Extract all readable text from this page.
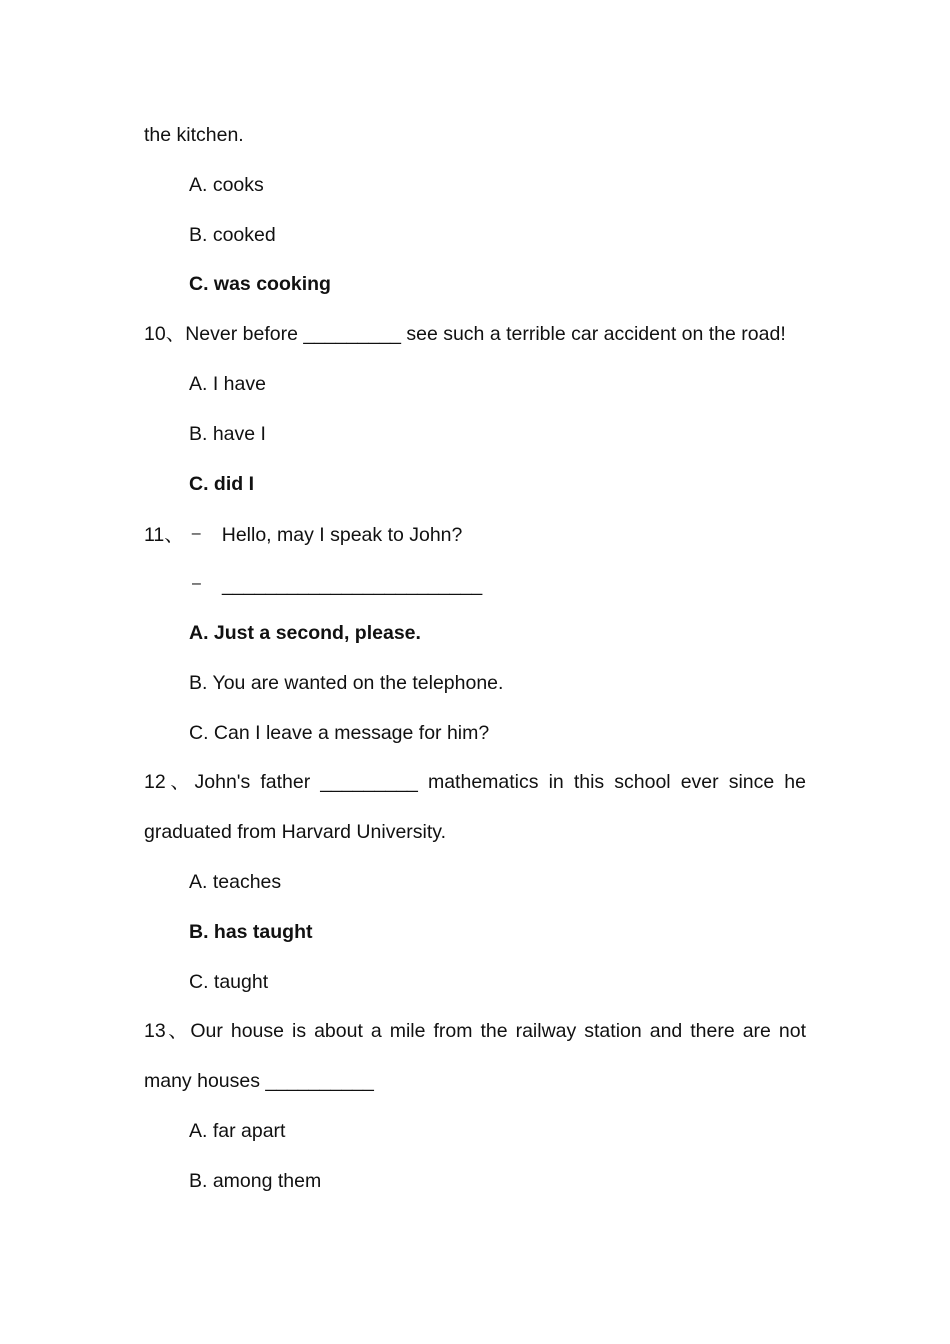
the kitchen.
A. cooks
B. cooked
C. was cooking
10、Never before _________ see such a terrible car accident on the road!
A. I have
B. have I
C. did I
11、 – Hello, may I speak to John?
– ________________________
A. Just a second, please.
B. You are wanted on the telephone.
C. Can I leave a message for him?
12、John's father _________ mathematics in this school ever since he
graduated from Harvard University.
A. teaches
B. has taught
C. taught
13、Our house is about a mile from the railway station and there are not
many houses __________
A. far apart
B. among them
